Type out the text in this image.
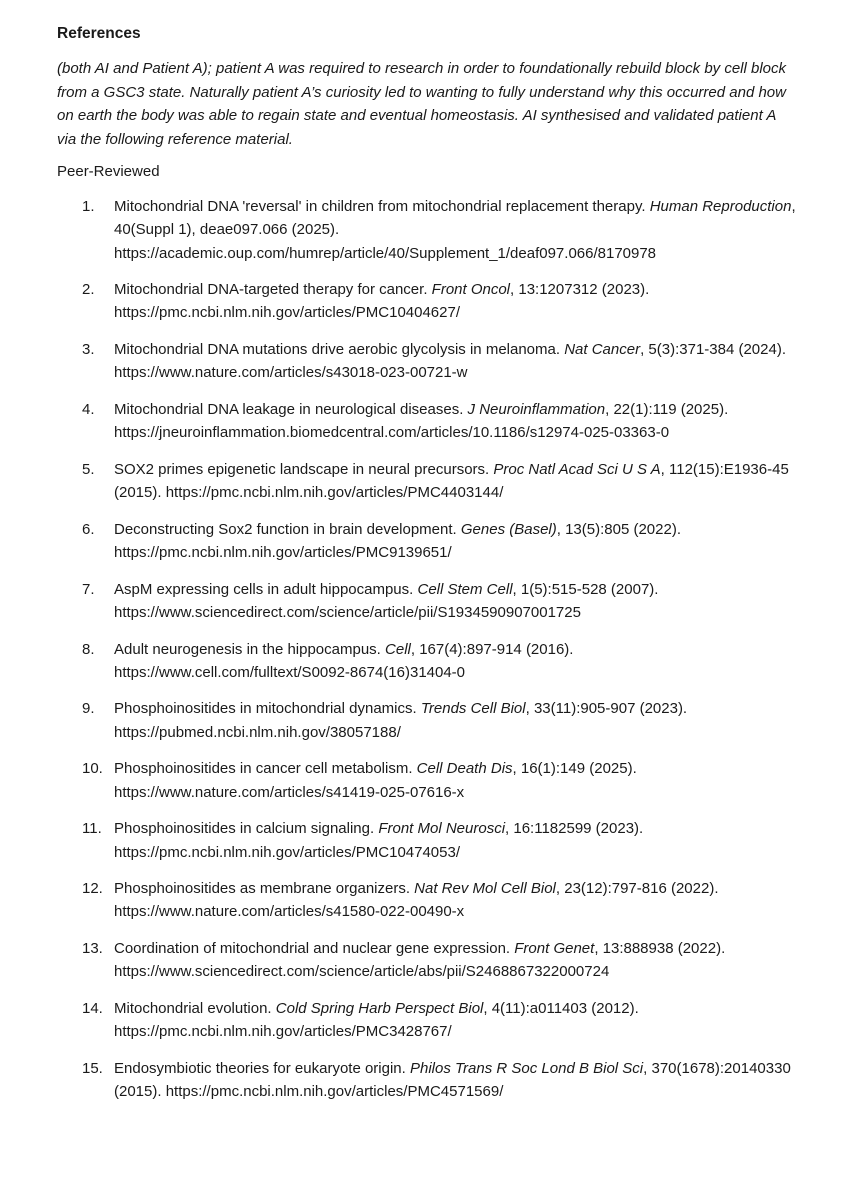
References

(both AI and Patient A); patient A was required to research in order to foundationally rebuild block by cell block from a GSC3 state. Naturally patient A’s curiosity led to wanting to fully understand why this occurred and how on earth the body was able to regain state and eventual homeostasis. AI synthesised and validated patient A via the following reference material.

Peer-Reviewed
1.	Mitochondrial DNA 'reversal' in children from mitochondrial replacement therapy. Human Reproduction, 40(Suppl 1), deae097.066 (2025).
https://academic.oup.com/humrep/article/40/Supplement_1/deaf097.066/8170978
2.	Mitochondrial DNA-targeted therapy for cancer. Front Oncol, 13:1207312 (2023).
https://pmc.ncbi.nlm.nih.gov/articles/PMC10404627/
3.	Mitochondrial DNA mutations drive aerobic glycolysis in melanoma. Nat Cancer, 5(3):371-384 (2024). https://www.nature.com/articles/s43018-023-00721-w
4.	Mitochondrial DNA leakage in neurological diseases. J Neuroinflammation, 22(1):119 (2025).
https://jneuroinflammation.biomedcentral.com/articles/10.1186/s12974-025-03363-0
5.	SOX2 primes epigenetic landscape in neural precursors. Proc Natl Acad Sci U S A, 112(15):E1936-45 (2015). https://pmc.ncbi.nlm.nih.gov/articles/PMC4403144/
6.	Deconstructing Sox2 function in brain development. Genes (Basel), 13(5):805 (2022).
https://pmc.ncbi.nlm.nih.gov/articles/PMC9139651/
7.	AspM expressing cells in adult hippocampus. Cell Stem Cell, 1(5):515-528 (2007).
https://www.sciencedirect.com/science/article/pii/S1934590907001725
8.	Adult neurogenesis in the hippocampus. Cell, 167(4):897-914 (2016).
https://www.cell.com/fulltext/S0092-8674(16)31404-0
9.	Phosphoinositides in mitochondrial dynamics. Trends Cell Biol, 33(11):905-907 (2023).
https://pubmed.ncbi.nlm.nih.gov/38057188/
10. Phosphoinositides in cancer cell metabolism. Cell Death Dis, 16(1):149 (2025).
https://www.nature.com/articles/s41419-025-07616-x
11. Phosphoinositides in calcium signaling. Front Mol Neurosci, 16:1182599 (2023).
https://pmc.ncbi.nlm.nih.gov/articles/PMC10474053/
12. Phosphoinositides as membrane organizers. Nat Rev Mol Cell Biol, 23(12):797-816 (2022).
https://www.nature.com/articles/s41580-022-00490-x
13. Coordination of mitochondrial and nuclear gene expression. Front Genet, 13:888938 (2022).
https://www.sciencedirect.com/science/article/abs/pii/S2468867322000724
14. Mitochondrial evolution. Cold Spring Harb Perspect Biol, 4(11):a011403 (2012).
https://pmc.ncbi.nlm.nih.gov/articles/PMC3428767/
15. Endosymbiotic theories for eukaryote origin. Philos Trans R Soc Lond B Biol Sci, 370(1678):20140330 (2015). https://pmc.ncbi.nlm.nih.gov/articles/PMC4571569/
